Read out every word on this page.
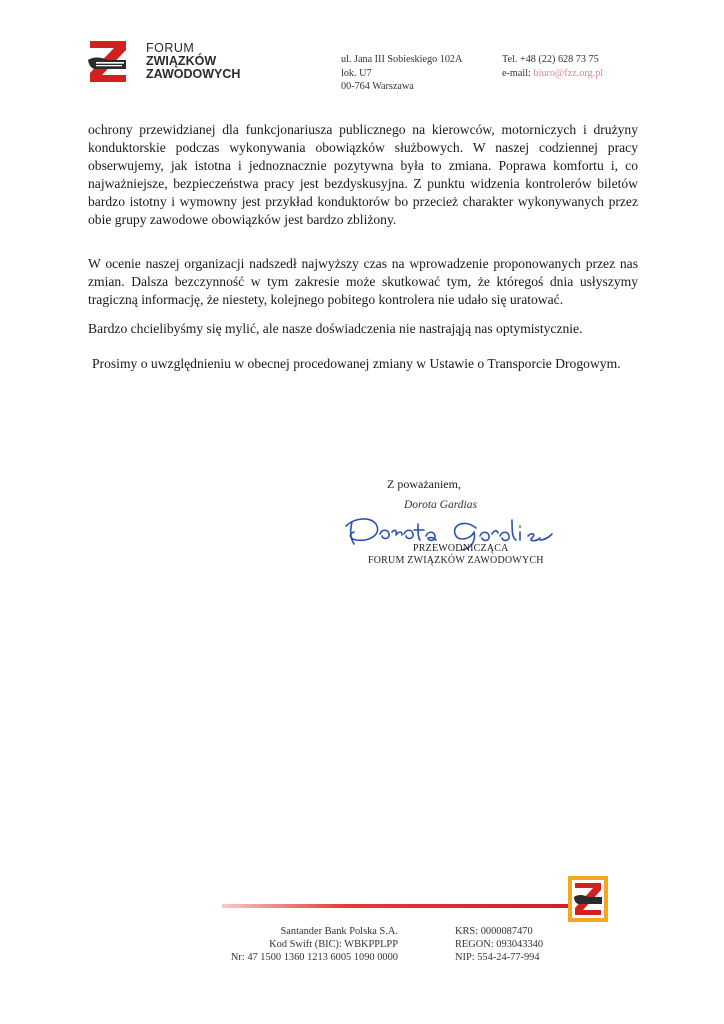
FORUM
ZWIĄZKÓW
ZAWODOWYCH
ul. Jana III Sobieskiego 102A
lok. U7
00-764 Warszawa
Tel. +48 (22) 628 73 75
e-mail: biuro@fzz.org.pl
ochrony przewidzianej dla funkcjonariusza publicznego na kierowców, motorniczych i drużyny konduktorskie podczas wykonywania obowiązków służbowych. W naszej codziennej pracy obserwujemy, jak istotna i jednoznacznie pozytywna była to zmiana. Poprawa komfortu i, co najważniejsze, bezpieczeństwa pracy jest bezdyskusyjna. Z punktu widzenia kontrolerów biletów bardzo istotny i wymowny jest przykład konduktorów bo przecież charakter wykonywanych przez obie grupy zawodowe obowiązków jest bardzo zbliżony.
W ocenie naszej organizacji nadszedł najwyższy czas na wprowadzenie proponowanych przez nas zmian. Dalsza bezczynność w tym zakresie może skutkować tym, że któregoś dnia usłyszymy tragiczną informację, że niestety, kolejnego pobitego kontrolera nie udało się uratować.
Bardzo chcielibyśmy się mylić, ale nasze doświadczenia nie nastrająją nas optymistycznie.
Prosimy o uwzględnieniu w obecnej procedowanej zmiany w Ustawie o Transporcie Drogowym.
Z poważaniem,
Dorota Gardias
PRZEWODNICZĄCA
FORUM ZWIĄZKÓW ZAWODOWYCH
Santander Bank Polska S.A.
Kod Swift (BIC): WBKPPLPP
Nr: 47 1500 1360 1213 6005 1090 0000
KRS: 0000087470
REGON: 093043340
NIP: 554-24-77-994
